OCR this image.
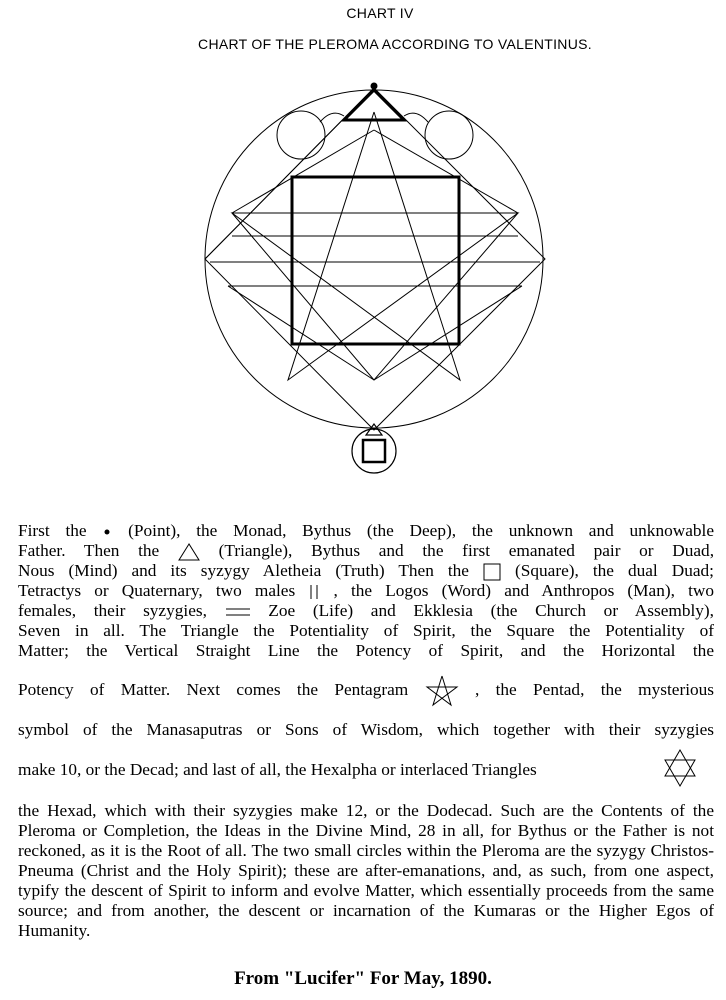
CHART IV
CHART OF THE PLEROMA ACCORDING TO VALENTINUS.
First the (Point), the Monad, Bythus (the Deep), the unknown and unknowable
Father. Then the	(Triangle), Bythus and the first emanated pair or Duad,
Nous (Mind) and its syzygy Aletheia (Truth) Then the	(Square), the dual Duad;
Tetractys or Quaternary, two males , the Logos (Word) and Anthropos (Man), two
females, their syzygies,	Zoe (Life) and Ekklesia (the Church or Assembly),
Seven in all. The Triangle the Potentiality of Spirit, the Square the Potentiality of
Matter; the Vertical Straight Line the Potency of Spirit, and the Horizontal the
Potency of Matter. Next comes the Pentagram	, the Pentad, the mysterious
symbol of the Manasaputras or Sons of Wisdom, which together with their syzygies
make 10, or the Decad; and last of all, the Hexalpha or interlaced Triangles
the Hexad, which with their syzygies make 12, or the Dodecad. Such are the Contents of the Pleroma or Completion, the Ideas in the Divine Mind, 28 in all, for Bythus or the Father is not reckoned, as it is the Root of all. The two small circles within the Pleroma are the syzygy Christos-Pneuma (Christ and the Holy Spirit); these are after-emanations, and, as such, from one aspect, typify the descent of Spirit to inform and evolve Matter, which essentially proceeds from the same source; and from another, the descent or incarnation of the Kumaras or the Higher Egos of Humanity.
From "Lucifer" For May, 1890.
